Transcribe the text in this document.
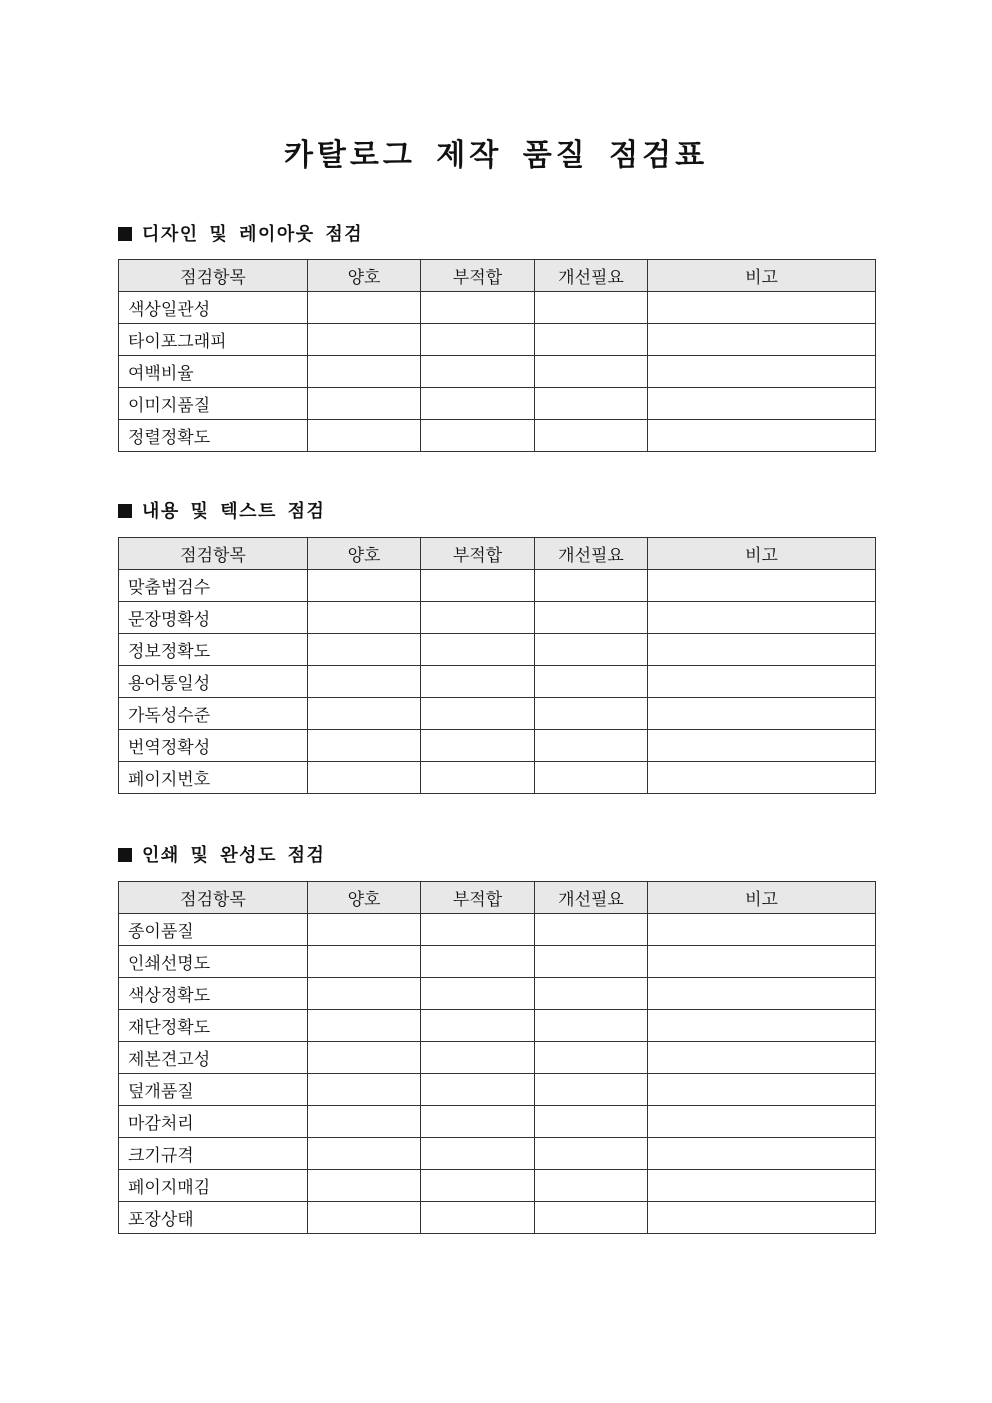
카탈로그 제작 품질 점검표
디자인 및 레이아웃 점검
점검항목	양호	부적합	개선필요	비고
색상일관성				
타이포그래피				
여백비율				
이미지품질				
정렬정확도				
내용 및 텍스트 점검
점검항목	양호	부적합	개선필요	비고
맞춤법검수				
문장명확성				
정보정확도				
용어통일성				
가독성수준				
번역정확성				
페이지번호				
인쇄 및 완성도 점검
점검항목	양호	부적합	개선필요	비고
종이품질				
인쇄선명도				
색상정확도				
재단정확도				
제본견고성				
덮개품질				
마감처리				
크기규격				
페이지매김				
포장상태				
